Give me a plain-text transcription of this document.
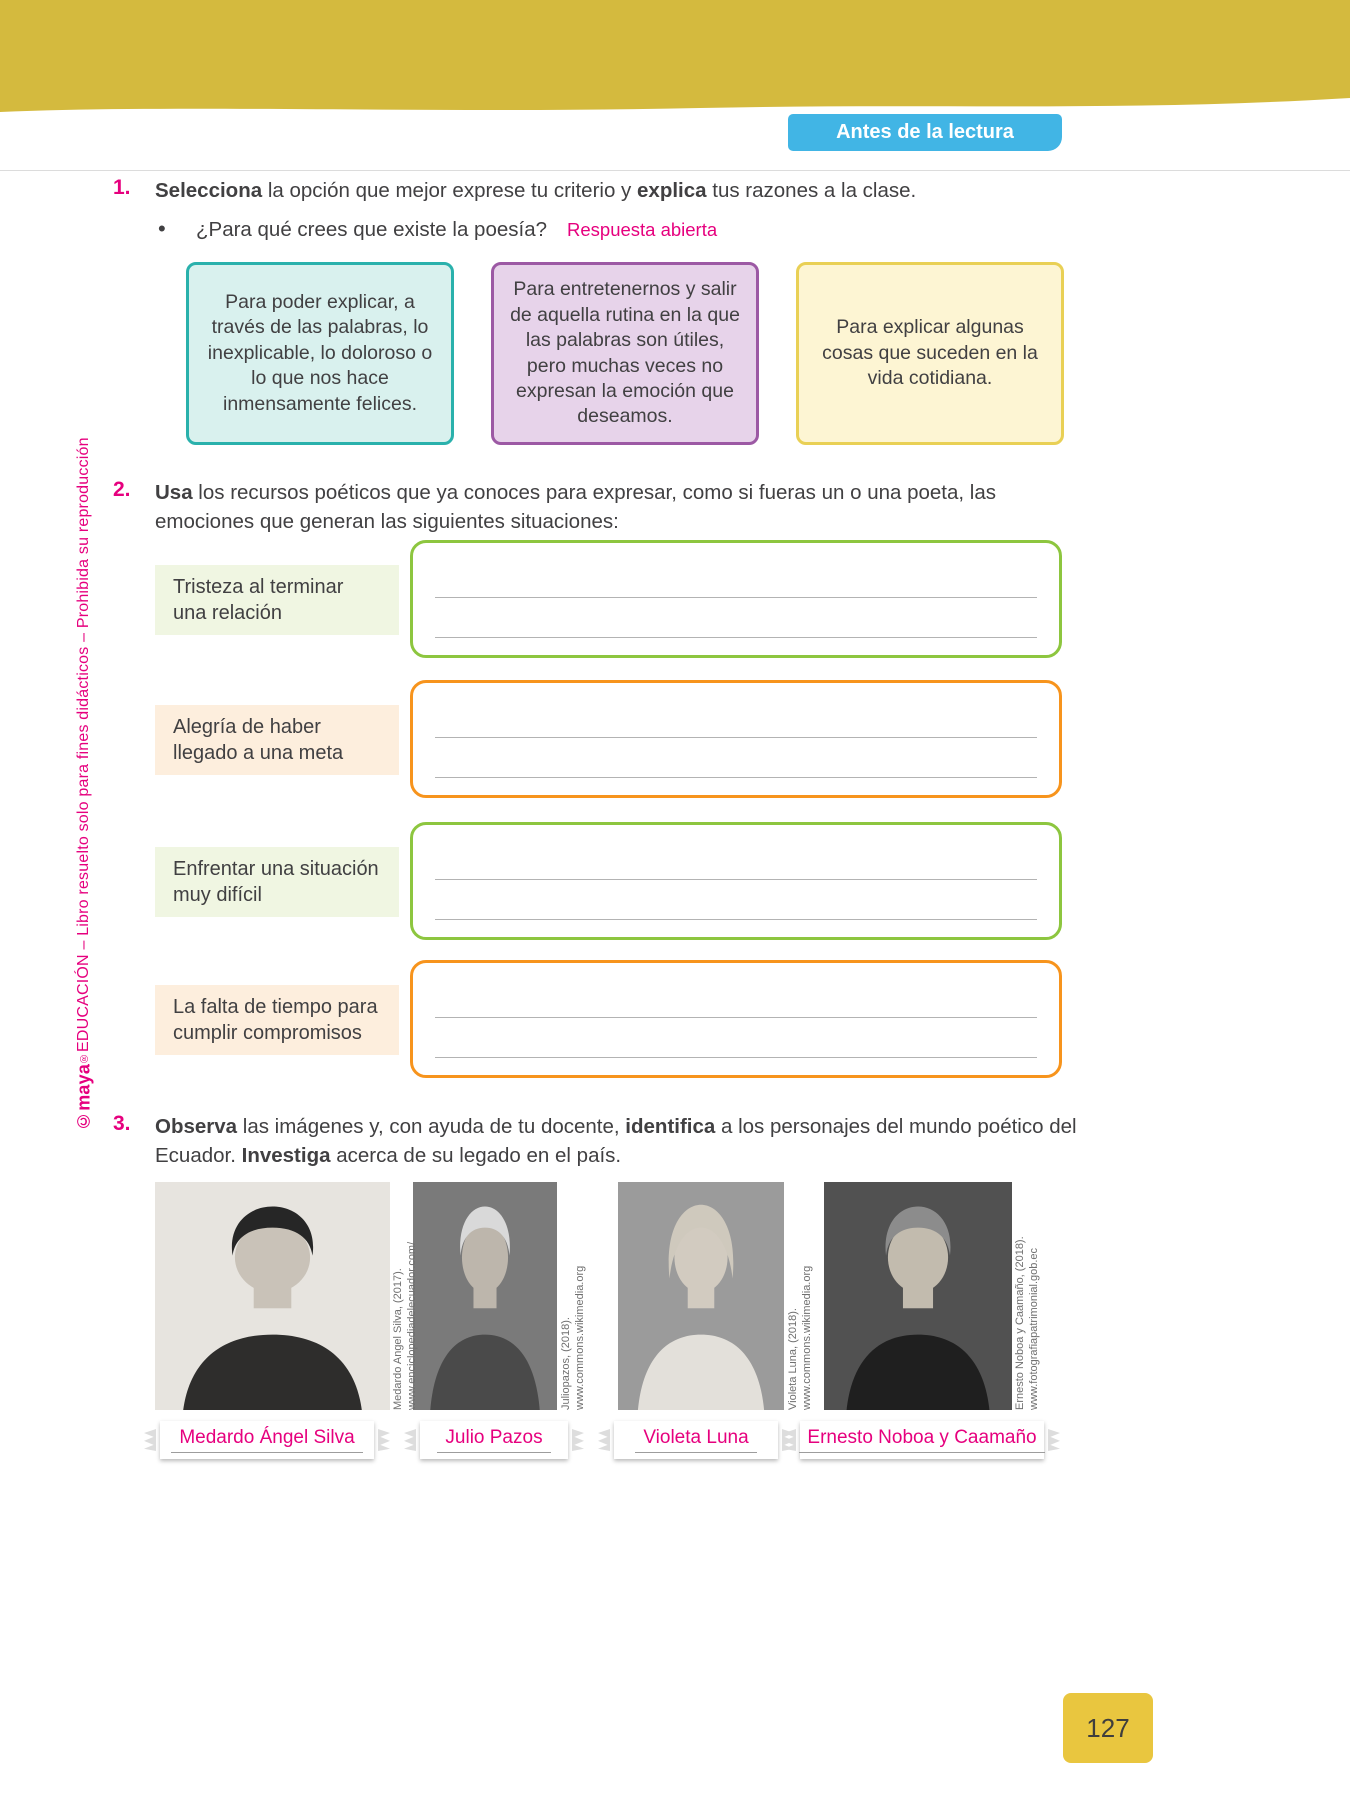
Antes de la lectura
©maya
®
EDUCACIÓN – Libro resuelto solo para fines didácticos – Prohibida su reproducción
1. Selecciona la opción que mejor exprese tu criterio y explica tus razones a la clase.
•	¿Para qué crees que existe la poesía? Respuesta abierta
Para poder explicar, a través de las palabras, lo inexplicable, lo doloroso o lo que nos hace inmensamente felices.
Para entretenernos y salir de aquella rutina en la que las palabras son útiles, pero muchas veces no expresan la emoción que deseamos.
Para explicar algunas cosas que suceden en la vida cotidiana.
2. Usa los recursos poéticos que ya conoces para expresar, como si fueras un o una poeta, las emociones que generan las siguientes situaciones:
Tristeza al terminar una relación
Alegría de haber llegado a una meta
Enfrentar una situación muy difícil
La falta de tiempo para cumplir compromisos
3. Observa las imágenes y, con ayuda de tu docente, identifica a los personajes del mundo poético del Ecuador. Investiga acerca de su legado en el país.
Medardo Angel Silva, (2017). www.enciclopediadelecuador.com/	Juliopazos, (2018). www.commons.wikimedia.org	Violeta Luna, (2018). www.commons.wikimedia.org	Ernesto Noboa y Caamaño, (2018). www.fotografiapatrimonial.gob.ec
Medardo Ángel Silva	Julio Pazos	Violeta Luna	Ernesto Noboa y Caamaño
127
